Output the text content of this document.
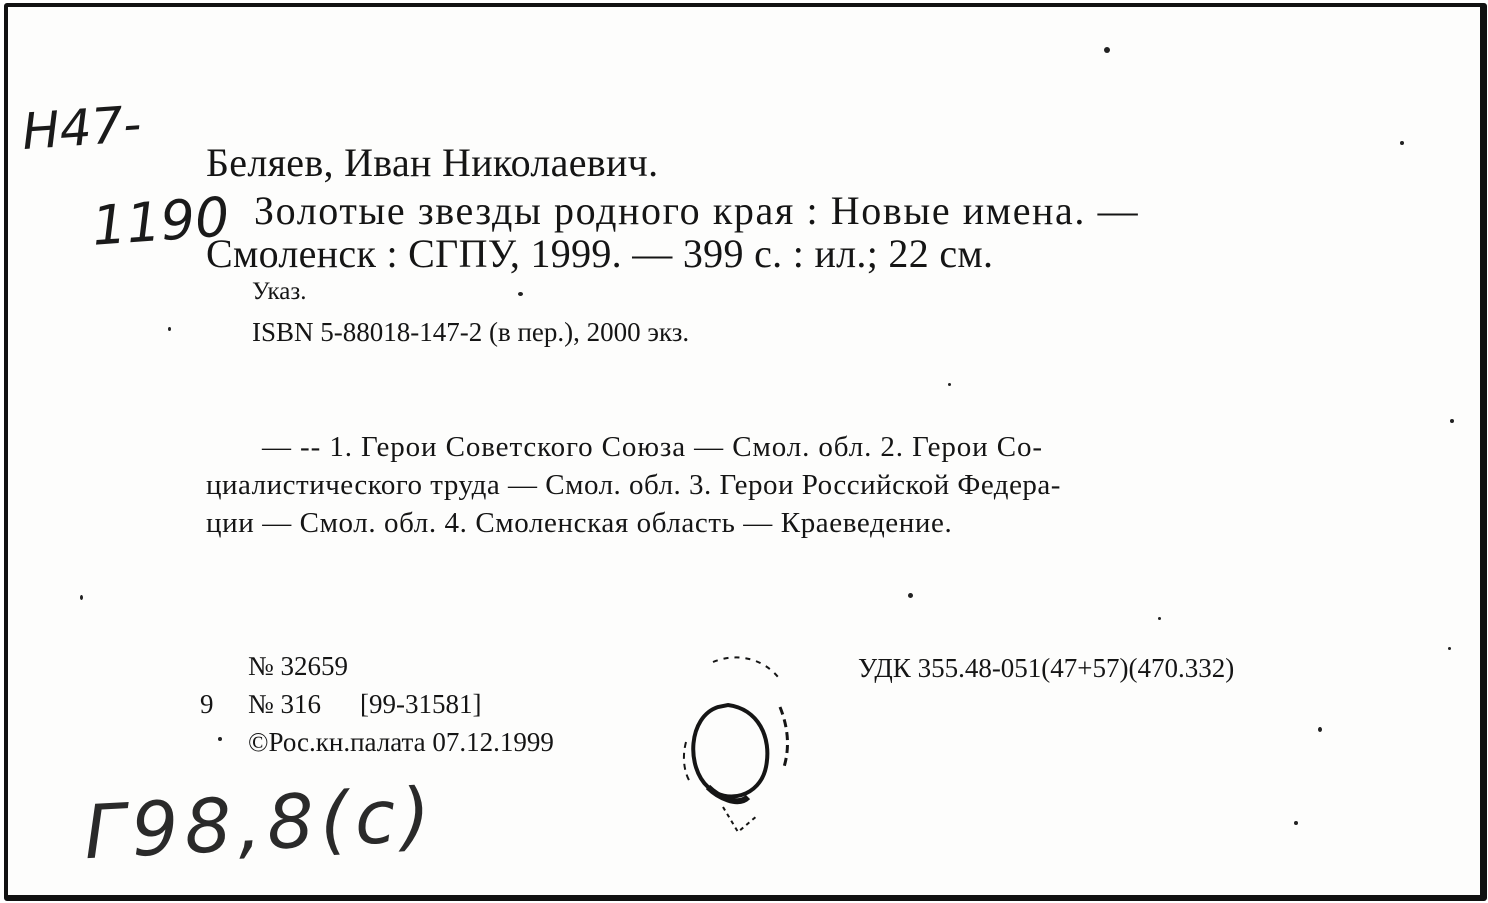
Н47-
1190
Беляев, Иван Николаевич.
Золотые звезды родного края : Новые имена. —
Смоленск : СГПУ, 1999. — 399 с. : ил.; 22 см.
Указ.
ISBN 5-88018-147-2 (в пер.), 2000 экз.
— -- 1. Герои Советского Союза — Смол. обл. 2. Герои Со-
циалистического труда — Смол. обл. 3. Герои Российской Федера-
ции — Смол. обл. 4. Смоленская область — Краеведение.
№ 32659
9 № 316 [99-31581]
©Рос.кн.палата 07.12.1999
УДК 355.48-051(47+57)(470.332)
Г98,8(c)
